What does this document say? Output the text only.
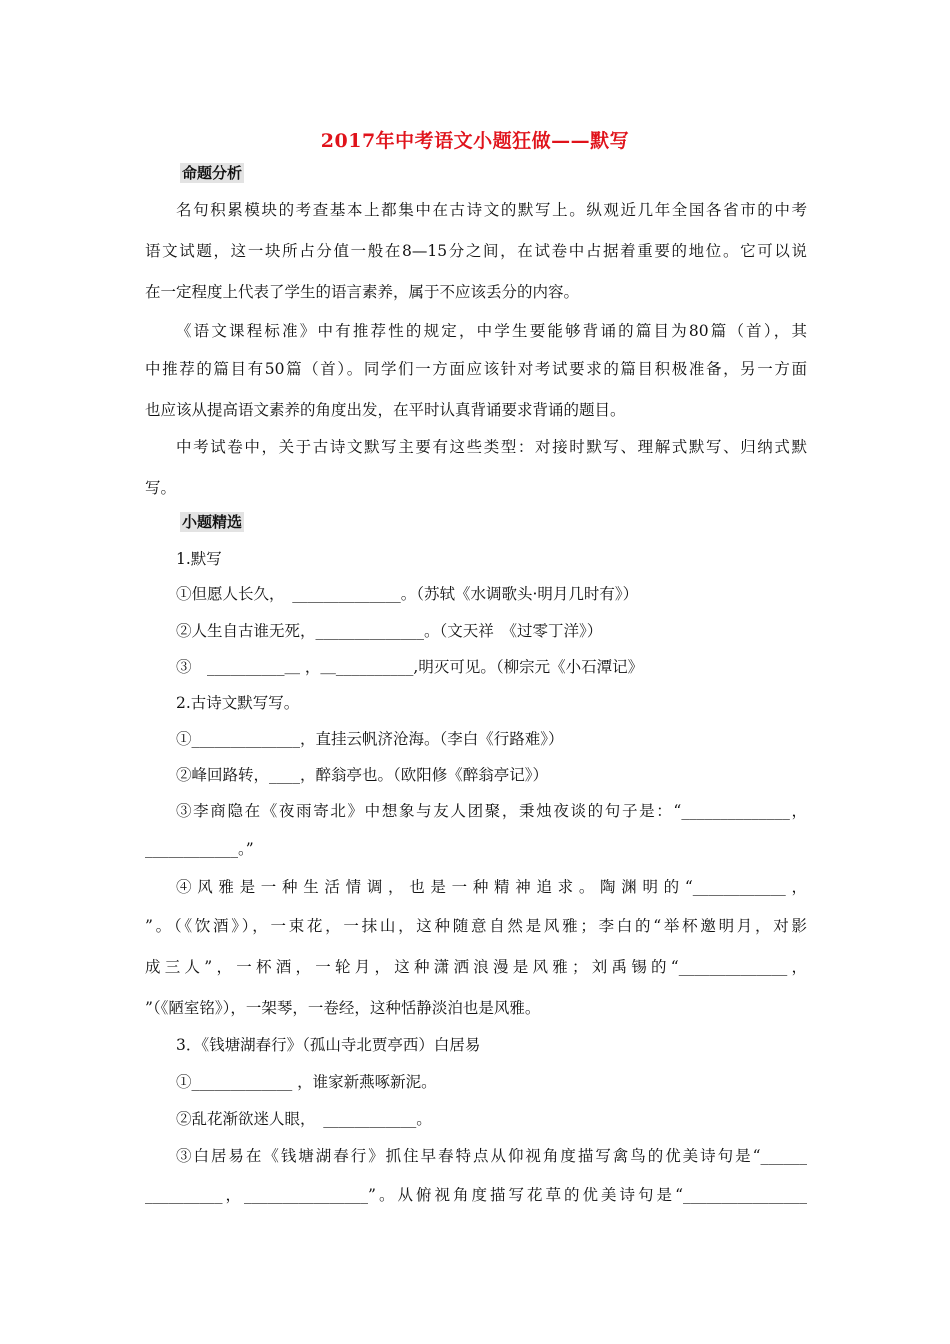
2017年中考语文小题狂做——默写
命题分析
名句积累模块的考查基本上都集中在古诗文的默写上。纵观近几年全国各省市的中考
语文试题，这一块所占分值一般在8—15分之间，在试卷中占据着重要的地位。它可以说
在一定程度上代表了学生的语言素养，属于不应该丢分的内容。
《语文课程标准》中有推荐性的规定，中学生要能够背诵的篇目为80篇（首），其
中推荐的篇目有50篇（首）。同学们一方面应该针对考试要求的篇目积极准备，另一方面
也应该从提高语文素养的角度出发，在平时认真背诵要求背诵的题目。
中考试卷中，关于古诗文默写主要有这些类型：对接时默写、理解式默写、归纳式默
写。
小题精选
1.默写
①但愿人长久，　______________。（苏轼《水调歌头·明月几时有》）
②人生自古谁无死，______________。（文天祥　《过零丁洋》）
③　__________＿ ，＿__________,明灭可见。（柳宗元《小石潭记》
2.古诗文默写写。
①______________，直挂云帆济沧海。（李白《行路难》）
②峰回路转，____，醉翁亭也。（欧阳修《醉翁亭记》）
③李商隐在《夜雨寄北》中想象与友人团聚，秉烛夜谈的句子是：“______________，
____________。”
④风雅是一种生活情调，也是一种精神追求。陶渊明的“____________，
”。（《饮酒》），一束花，一抹山，这种随意自然是风雅；李白的“举杯邀明月，对影
成三人”，一杯酒，一轮月，这种潇洒浪漫是风雅；刘禹锡的“______________，
”（《陋室铭》），一架琴，一卷经，这种恬静淡泊也是风雅。
3．《钱塘湖春行》（孤山寺北贾亭西）白居易
①_____________ ，谁家新燕啄新泥。
②乱花渐欲迷人眼，　____________。
③白居易在《钱塘湖春行》抓住早春特点从仰视角度描写禽鸟的优美诗句是“______
__________，________________”。从俯视角度描写花草的优美诗句是“________________
